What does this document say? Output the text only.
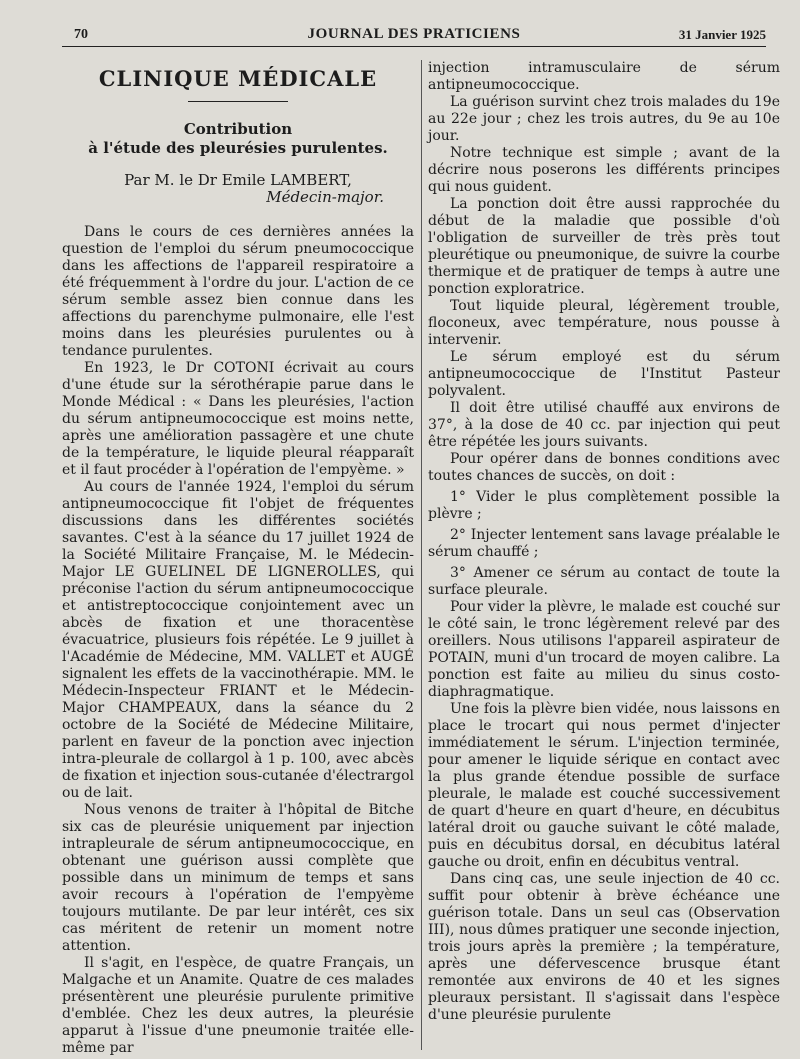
70	JOURNAL DES PRATICIENS	31 Janvier 1925
CLINIQUE MÉDICALE
Contribution
à l'étude des pleurésies purulentes.
Par M. le Dr Emile LAMBERT,
Médecin-major.

Dans le cours de ces dernières années la question de l'emploi du sérum pneumococcique dans les affections de l'appareil respiratoire a été fréquemment à l'ordre du jour. L'action de ce sérum semble assez bien connue dans les affections du parenchyme pulmonaire, elle l'est moins dans les pleurésies purulentes ou à tendance purulentes.

En 1923, le Dr COTONI écrivait au cours d'une étude sur la sérothérapie parue dans le Monde Médical : « Dans les pleurésies, l'action du sérum antipneumococcique est moins nette, après une amélioration passagère et une chute de la température, le liquide pleural réapparaît et il faut procéder à l'opération de l'empyème. »

Au cours de l'année 1924, l'emploi du sérum antipneumococcique fit l'objet de fréquentes discussions dans les différentes sociétés savantes. C'est à la séance du 17 juillet 1924 de la Société Militaire Française, M. le Médecin-Major LE GUELINEL DE LIGNEROLLES, qui préconise l'action du sérum antipneumococcique et antistreptococcique conjointement avec un abcès de fixation et une thoracentèse évacuatrice, plusieurs fois répétée. Le 9 juillet à l'Académie de Médecine, MM. VALLET et AUGÉ signalent les effets de la vaccinothérapie. MM. le Médecin-Inspecteur FRIANT et le Médecin-Major CHAMPEAUX, dans la séance du 2 octobre de la Société de Médecine Militaire, parlent en faveur de la ponction avec injection intra-pleurale de collargol à 1 p. 100, avec abcès de fixation et injection sous-cutanée d'électrargol ou de lait.

Nous venons de traiter à l'hôpital de Bitche six cas de pleurésie uniquement par injection intrapleurale de sérum antipneumococcique, en obtenant une guérison aussi complète que possible dans un minimum de temps et sans avoir recours à l'opération de l'empyème toujours mutilante. De par leur intérêt, ces six cas méritent de retenir un moment notre attention.

Il s'agit, en l'espèce, de quatre Français, un Malgache et un Anamite. Quatre de ces malades présentèrent une pleurésie purulente primitive d'emblée. Chez les deux autres, la pleurésie apparut à l'issue d'une pneumonie traitée elle-même par

injection intramusculaire de sérum antipneumococcique.

La guérison survint chez trois malades du 19e au 22e jour ; chez les trois autres, du 9e au 10e jour.

Notre technique est simple ; avant de la décrire nous poserons les différents principes qui nous guident.

La ponction doit être aussi rapprochée du début de la maladie que possible d'où l'obligation de surveiller de très près tout pleurétique ou pneumonique, de suivre la courbe thermique et de pratiquer de temps à autre une ponction exploratrice.

Tout liquide pleural, légèrement trouble, floconeux, avec température, nous pousse à intervenir.

Le sérum employé est du sérum antipneumococcique de l'Institut Pasteur polyvalent.

Il doit être utilisé chauffé aux environs de 37°, à la dose de 40 cc. par injection qui peut être répétée les jours suivants.

Pour opérer dans de bonnes conditions avec toutes chances de succès, on doit :

1° Vider le plus complètement possible la plèvre ;

2° Injecter lentement sans lavage préalable le sérum chauffé ;

3° Amener ce sérum au contact de toute la surface pleurale.

Pour vider la plèvre, le malade est couché sur le côté sain, le tronc légèrement relevé par des oreillers. Nous utilisons l'appareil aspirateur de POTAIN, muni d'un trocard de moyen calibre. La ponction est faite au milieu du sinus costo-diaphragmatique.

Une fois la plèvre bien vidée, nous laissons en place le trocart qui nous permet d'injecter immédiatement le sérum. L'injection terminée, pour amener le liquide sérique en contact avec la plus grande étendue possible de surface pleurale, le malade est couché successivement de quart d'heure en quart d'heure, en décubitus latéral droit ou gauche suivant le côté malade, puis en décubitus dorsal, en décubitus latéral gauche ou droit, enfin en décubitus ventral.

Dans cinq cas, une seule injection de 40 cc. suffit pour obtenir à brève échéance une guérison totale. Dans un seul cas (Observation III), nous dûmes pratiquer une seconde injection, trois jours après la première ; la température, après une défervescence brusque étant remontée aux environs de 40 et les signes pleuraux persistant. Il s'agissait dans l'espèce d'une pleurésie purulente
